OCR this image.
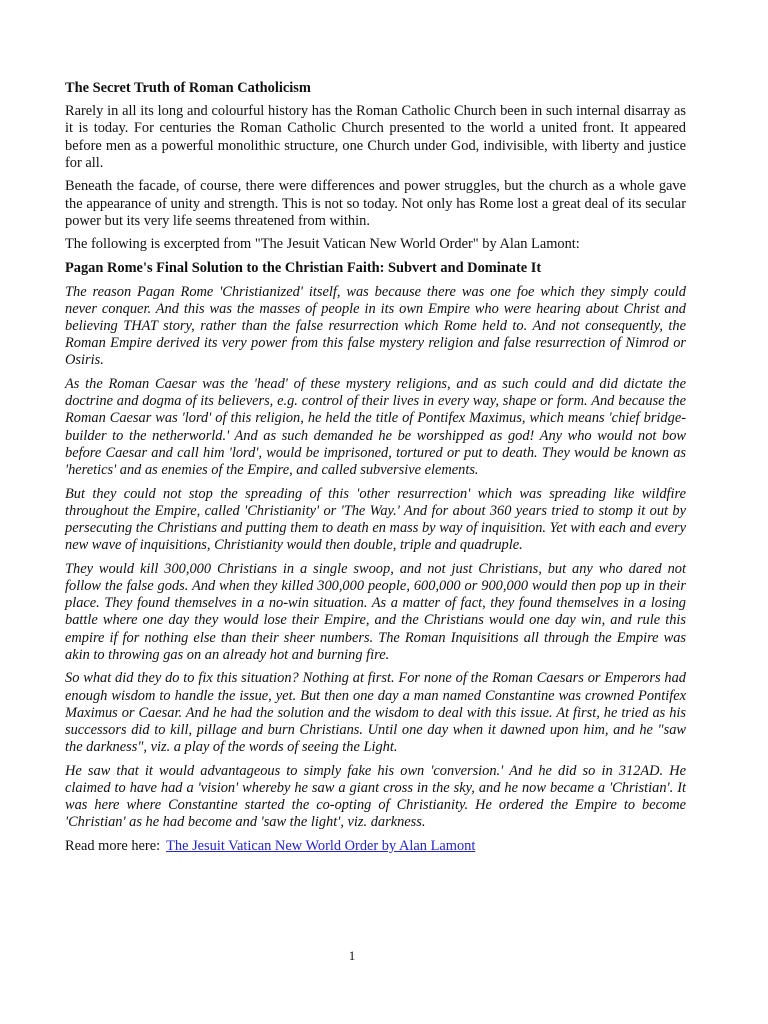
The Secret Truth of Roman Catholicism

Rarely in all its long and colourful history has the Roman Catholic Church been in such internal disarray as it is today. For centuries the Roman Catholic Church presented to the world a united front. It appeared before men as a powerful monolithic structure, one Church under God, indivisible, with liberty and justice for all.

Beneath the facade, of course, there were differences and power struggles, but the church as a whole gave the appearance of unity and strength. This is not so today. Not only has Rome lost a great deal of its secular power but its very life seems threatened from within.

The following is excerpted from "The Jesuit Vatican New World Order" by Alan Lamont:

Pagan Rome's Final Solution to the Christian Faith: Subvert and Dominate It

The reason Pagan Rome 'Christianized' itself, was because there was one foe which they simply could never conquer. And this was the masses of people in its own Empire who were hearing about Christ and believing THAT story, rather than the false resurrection which Rome held to. And not consequently, the Roman Empire derived its very power from this false mystery religion and false resurrection of Nimrod or Osiris.

As the Roman Caesar was the 'head' of these mystery religions, and as such could and did dictate the doctrine and dogma of its believers, e.g. control of their lives in every way, shape or form. And because the Roman Caesar was 'lord' of this religion, he held the title of Pontifex Maximus, which means 'chief bridge-builder to the netherworld.' And as such demanded he be worshipped as god! Any who would not bow before Caesar and call him 'lord', would be imprisoned, tortured or put to death. They would be known as 'heretics' and as enemies of the Empire, and called subversive elements.

But they could not stop the spreading of this 'other resurrection' which was spreading like wildfire throughout the Empire, called 'Christianity' or 'The Way.' And for about 360 years tried to stomp it out by persecuting the Christians and putting them to death en mass by way of inquisition. Yet with each and every new wave of inquisitions, Christianity would then double, triple and quadruple.

They would kill 300,000 Christians in a single swoop, and not just Christians, but any who dared not follow the false gods. And when they killed 300,000 people, 600,000 or 900,000 would then pop up in their place. They found themselves in a no-win situation. As a matter of fact, they found themselves in a losing battle where one day they would lose their Empire, and the Christians would one day win, and rule this empire if for nothing else than their sheer numbers. The Roman Inquisitions all through the Empire was akin to throwing gas on an already hot and burning fire.

So what did they do to fix this situation? Nothing at first. For none of the Roman Caesars or Emperors had enough wisdom to handle the issue, yet. But then one day a man named Constantine was crowned Pontifex Maximus or Caesar. And he had the solution and the wisdom to deal with this issue. At first, he tried as his successors did to kill, pillage and burn Christians. Until one day when it dawned upon him, and he "saw the darkness", viz. a play of the words of seeing the Light.

He saw that it would advantageous to simply fake his own 'conversion.' And he did so in 312AD. He claimed to have had a 'vision' whereby he saw a giant cross in the sky, and he now became a 'Christian'. It was here where Constantine started the co-opting of Christianity. He ordered the Empire to become 'Christian' as he had become and 'saw the light', viz. darkness.

Read more here: The Jesuit Vatican New World Order by Alan Lamont

1
